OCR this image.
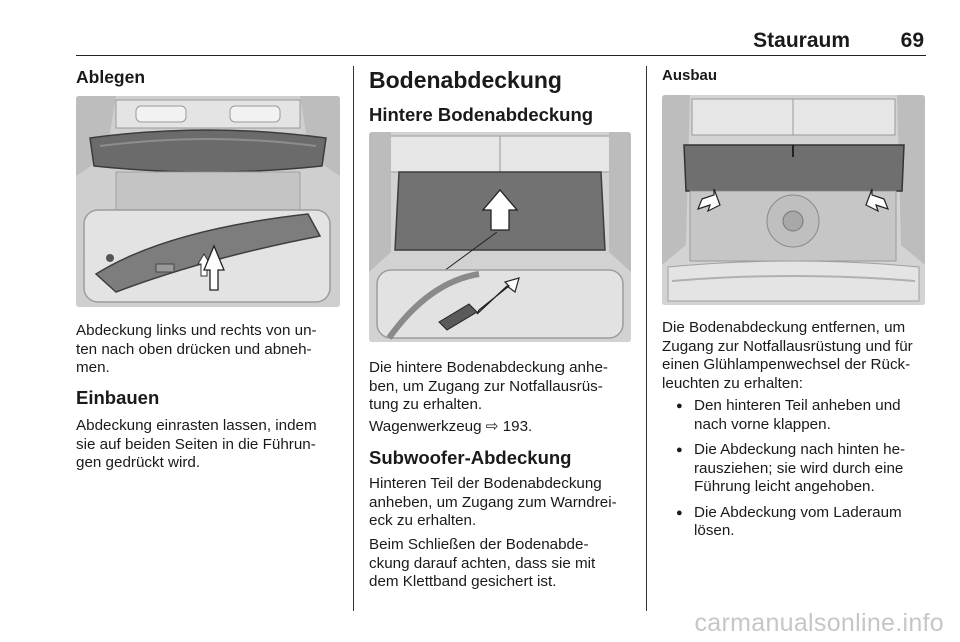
Stauraum 69
Ablegen

Abdeckung links und rechts von un-
ten nach oben drücken und abneh-
men.

Einbauen

Abdeckung einrasten lassen, indem
sie auf beiden Seiten in die Führun-
gen gedrückt wird.

Bodenabdeckung
Hintere Bodenabdeckung

Die hintere Bodenabdeckung anhe-
ben, um Zugang zur Notfallausrüs-
tung zu erhalten.

Wagenwerkzeug ⇨ 193.

Subwoofer-Abdeckung

Hinteren Teil der Bodenabdeckung
anheben, um Zugang zum Warndrei-
eck zu erhalten.

Beim Schließen der Bodenabde-
ckung darauf achten, dass sie mit
dem Klettband gesichert ist.

Ausbau

Die Bodenabdeckung entfernen, um
Zugang zur Notfallausrüstung und für
einen Glühlampenwechsel der Rück-
leuchten zu erhalten:

● Den hinteren Teil anheben und
nach vorne klappen.
● Die Abdeckung nach hinten he-
rausziehen; sie wird durch eine
Führung leicht angehoben.
● Die Abdeckung vom Laderaum
lösen.
carmanualsonline.info
